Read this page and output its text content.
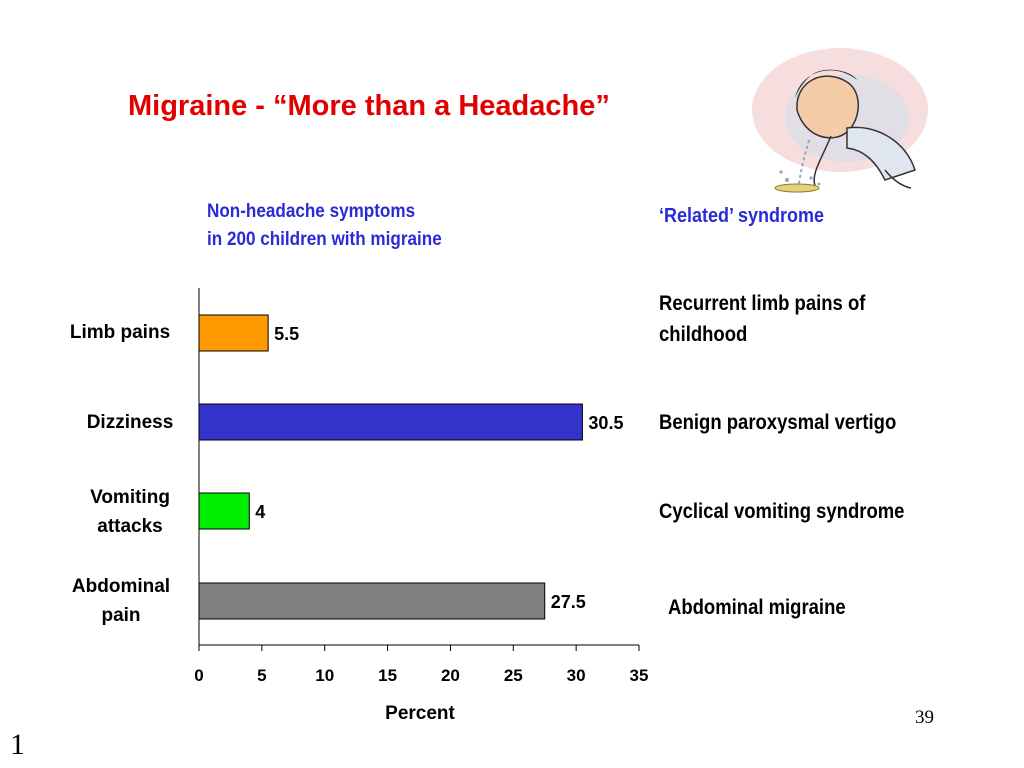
Migraine - “More than a Headache”
Non-headache symptoms
in 200 children with migraine
‘Related’ syndrome
Recurrent limb pains of
childhood
Benign paroxysmal vertigo
Cyclical vomiting syndrome
Abdominal migraine
Limb pains
Dizziness
Vomiting
attacks
Abdominal
pain
5.5
30.5
4
27.5
0	5	10	15	20	25	30	35
Percent	39
1
